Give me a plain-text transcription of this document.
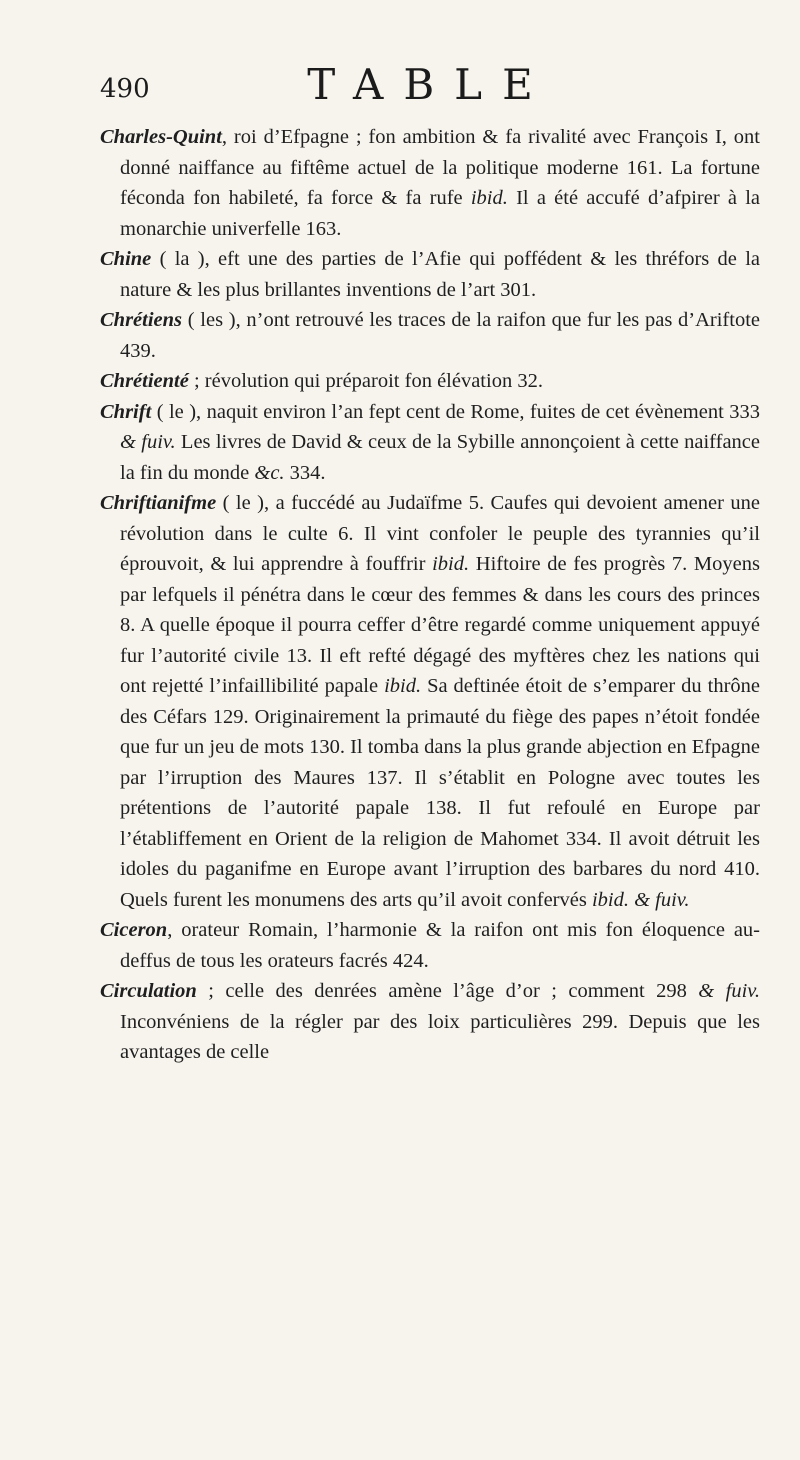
490	TABLE

Charles-Quint, roi d’Efpagne ; fon ambition & fa rivalité avec François I, ont donné naiffance au fiftême actuel de la politique moderne 161. La fortune féconda fon habileté, fa force & fa rufe ibid. Il a été accufé d’afpirer à la monarchie univerfelle 163.

Chine ( la ), eft une des parties de l’Afie qui poffédent & les thréfors de la nature & les plus brillantes inventions de l’art 301.

Chrétiens ( les ), n’ont retrouvé les traces de la raifon que fur les pas d’Ariftote 439.

Chrétienté ; révolution qui préparoit fon élévation 32.

Chrift ( le ), naquit environ l’an fept cent de Rome, fuites de cet évènement 333 & fuiv. Les livres de David & ceux de la Sybille annonçoient à cette naiffance la fin du monde &c. 334.

Chriftianifme ( le ), a fuccédé au Judaïfme 5. Caufes qui devoient amener une révolution dans le culte 6. Il vint confoler le peuple des tyrannies qu’il éprouvoit, & lui apprendre à fouffrir ibid. Hiftoire de fes progrès 7. Moyens par lefquels il pénétra dans le cœur des femmes & dans les cours des princes 8. A quelle époque il pourra ceffer d’être regardé comme uniquement appuyé fur l’autorité civile 13. Il eft refté dégagé des myftères chez les nations qui ont rejetté l’infaillibilité papale ibid. Sa deftinée étoit de s’emparer du thrône des Céfars 129. Originairement la primauté du fiège des papes n’étoit fondée que fur un jeu de mots 130. Il tomba dans la plus grande abjection en Efpagne par l’irruption des Maures 137. Il s’établit en Pologne avec toutes les prétentions de l’autorité papale 138. Il fut refoulé en Europe par l’établiffement en Orient de la religion de Mahomet 334. Il avoit détruit les idoles du paganifme en Europe avant l’irruption des barbares du nord 410. Quels furent les monumens des arts qu’il avoit confervés ibid. & fuiv.

Ciceron, orateur Romain, l’harmonie & la raifon ont mis fon éloquence au-deffus de tous les orateurs facrés 424.

Circulation ; celle des denrées amène l’âge d’or ; comment 298 & fuiv. Inconvéniens de la régler par des loix particulières 299. Depuis que les avantages de celle
